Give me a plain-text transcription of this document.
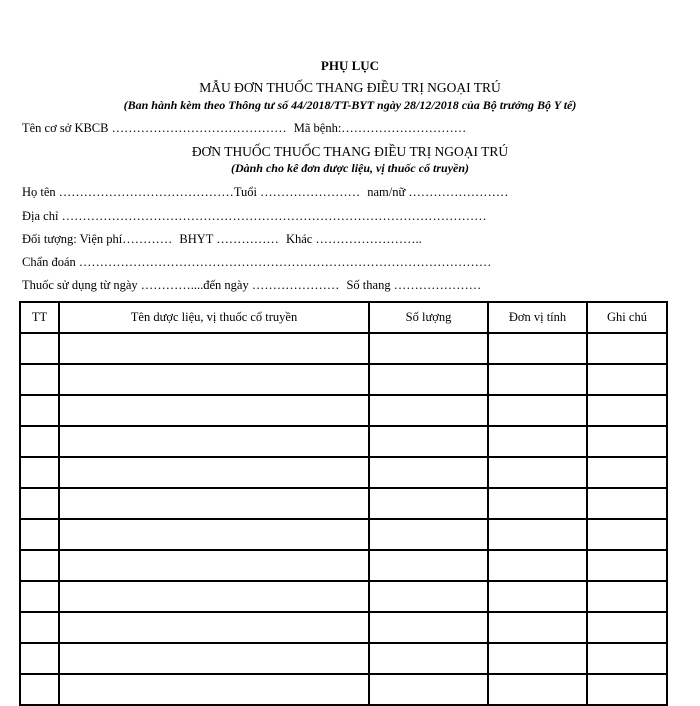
PHỤ LỤC
MẪU ĐƠN THUỐC THANG ĐIỀU TRỊ NGOẠI TRÚ
(Ban hành kèm theo Thông tư số 44/2018/TT-BYT ngày 28/12/2018 của Bộ trưởng Bộ Y tế)
Tên cơ sở KBCB …………………………………… Mã bệnh:…………………………
ĐƠN THUỐC THUỐC THANG ĐIỀU TRỊ NGOẠI TRÚ
(Dành cho kê đơn dược liệu, vị thuốc cổ truyền)
Họ tên ……………………………………Tuổi …………………… nam/nữ ……………………
Địa chỉ …………………………………………………………………………………………
Đối tượng: Viện phí………… BHYT …………… Khác ……………………..
Chẩn đoán ………………………………………………………………………………………
Thuốc sử dụng từ ngày …………....đến ngày ………………… Số thang …………………
TT	Tên dược liệu, vị thuốc cổ truyền	Số lượng	Đơn vị tính	Ghi chú
